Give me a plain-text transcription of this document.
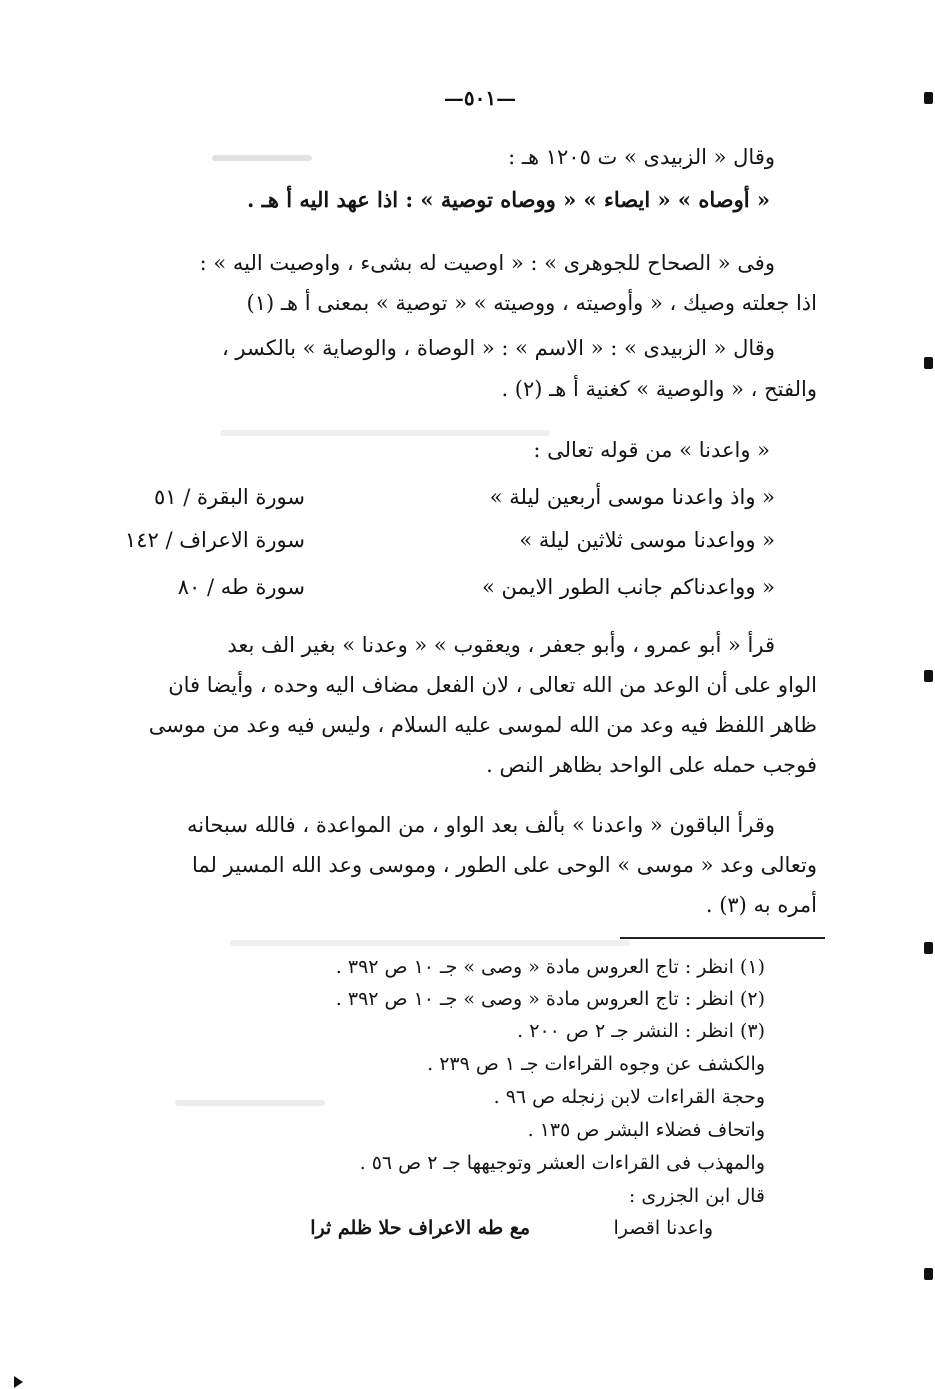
—٥٠١—
وقال « الزبيدى » ت ١٢٠٥ هـ :
« أوصاه » « ايصاء » « ووصاه توصية » : اذا عهد اليه أ هـ .
وفى « الصحاح للجوهرى » : « اوصيت له بشىء ، واوصيت اليه » :
اذا جعلته وصيك ، « وأوصيته ، ووصيته » « توصية » بمعنى أ هـ (١)
وقال « الزبيدى » : « الاسم » : « الوصاة ، والوصاية » بالكسر ،
والفتح ، « والوصية » كغنية أ هـ (٢) .
« واعدنا » من قوله تعالى :
« واذ واعدنا موسى أربعين ليلة »
سورة البقرة / ٥١
« وواعدنا موسى ثلاثين ليلة »
سورة الاعراف / ١٤٢
« وواعدناكم جانب الطور الايمن »
سورة طه / ٨٠
قرأ « أبو عمرو ، وأبو جعفر ، ويعقوب » « وعدنا » بغير الف بعد
الواو على أن الوعد من الله تعالى ، لان الفعل مضاف اليه وحده ، وأيضا فان
ظاهر اللفظ فيه وعد من الله لموسى عليه السلام ، وليس فيه وعد من موسى
فوجب حمله على الواحد بظاهر النص .
وقرأ الباقون « واعدنا » بألف بعد الواو ، من المواعدة ، فالله سبحانه
وتعالى وعد « موسى » الوحى على الطور ، وموسى وعد الله المسير لما
أمره به (٣) .
(١) انظر : تاج العروس مادة « وصى » جـ ١٠ ص ٣٩٢ .
(٢) انظر : تاج العروس مادة « وصى » جـ ١٠ ص ٣٩٢ .
(٣) انظر : النشر جـ ٢ ص ٢٠٠ .
والكشف عن وجوه القراءات جـ ١ ص ٢٣٩ .
وحجة القراءات لابن زنجله ص ٩٦ .
واتحاف فضلاء البشر ص ١٣٥ .
والمهذب فى القراءات العشر وتوجيهها جـ ٢ ص ٥٦ .
قال ابن الجزرى :
واعدنا اقصرا
مع طه الاعراف حلا ظلم ثرا
